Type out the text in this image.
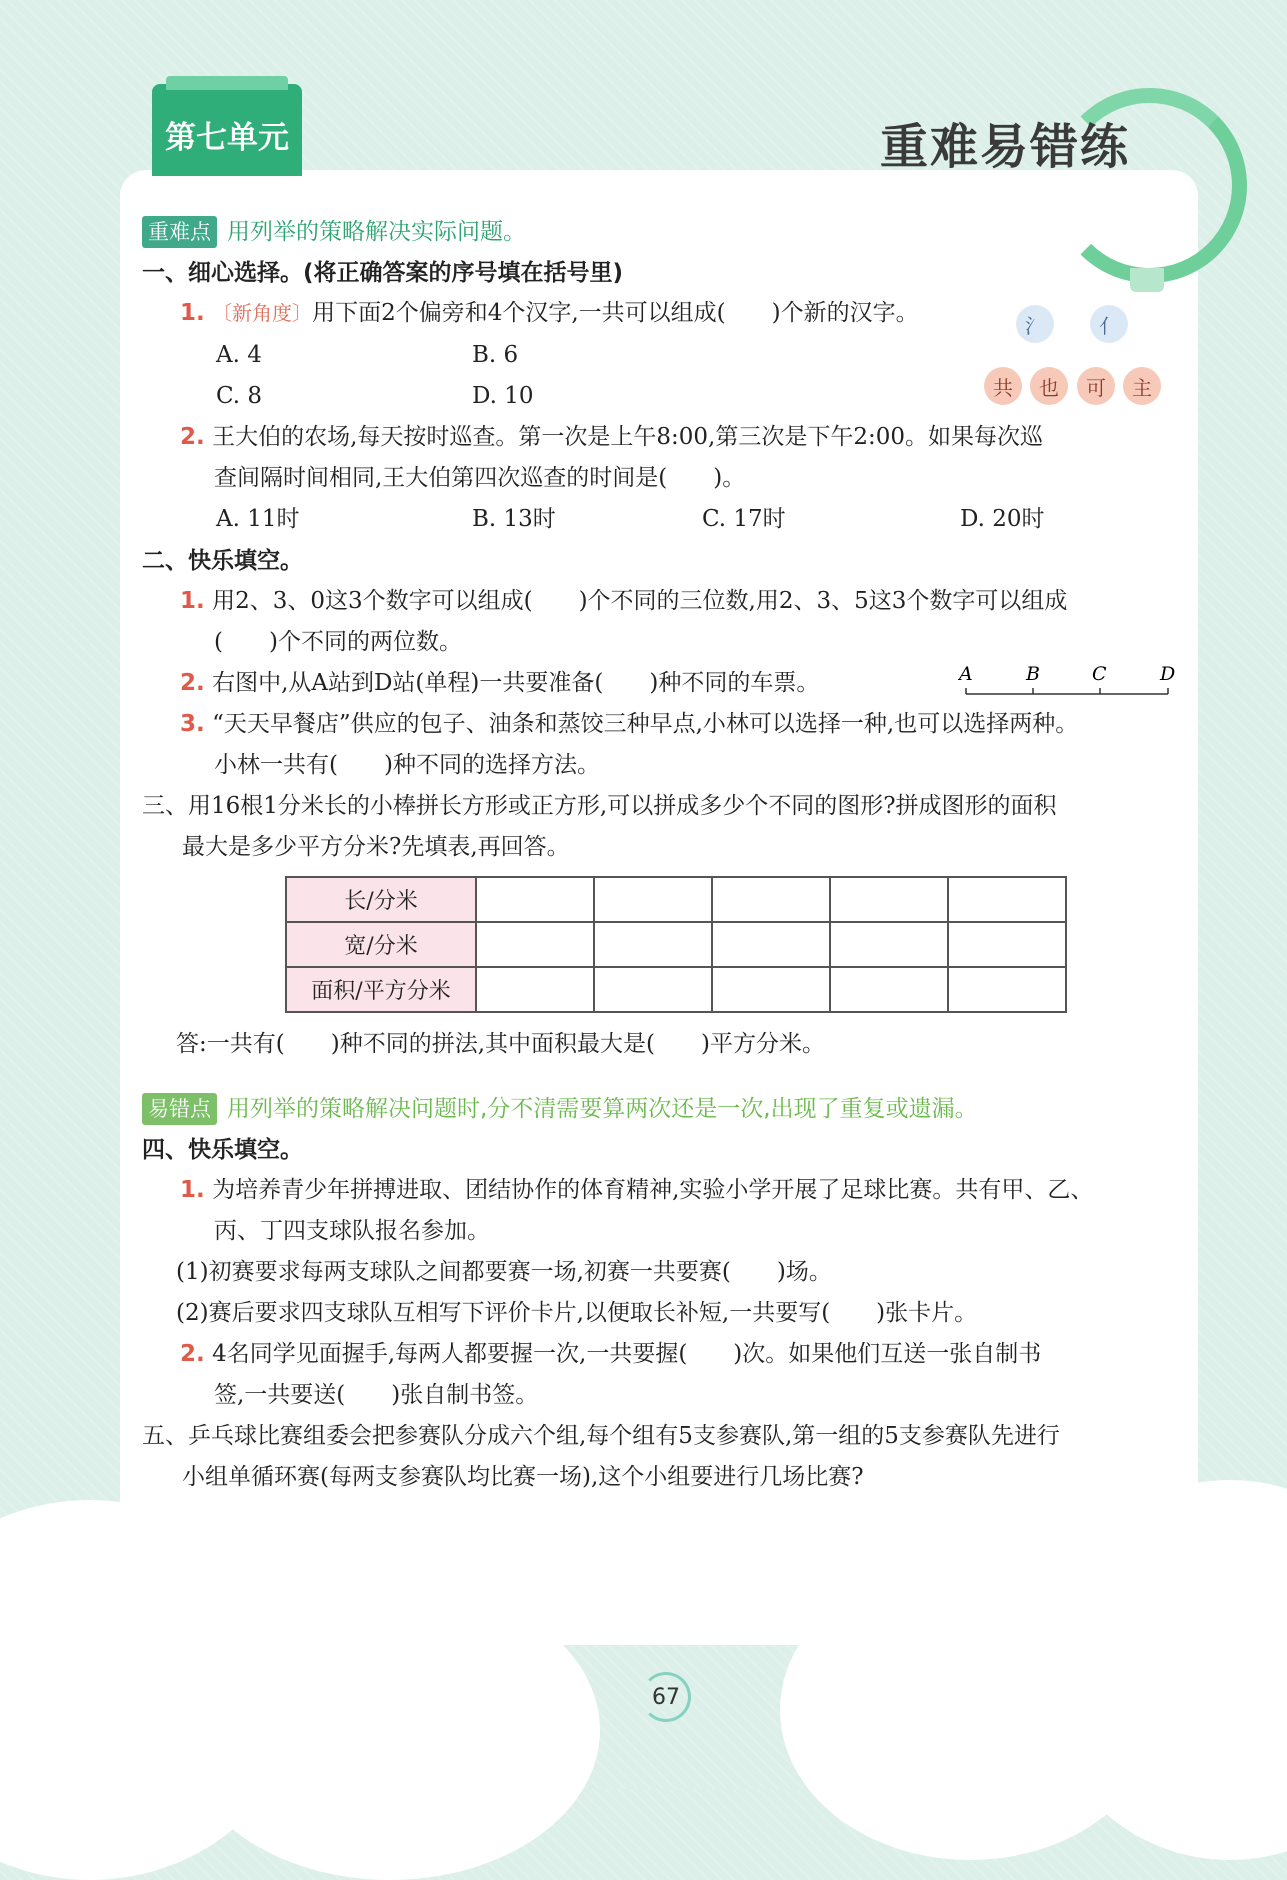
第七单元	重难易错练
重难点 用列举的策略解决实际问题。
一、细心选择。(将正确答案的序号填在括号里)
1. 〔新角度〕用下面2个偏旁和4个汉字,一共可以组成(　　)个新的汉字。	氵	亻
共	也	可	主
A. 4	B. 6
C. 8	D. 10
2. 王大伯的农场,每天按时巡查。第一次是上午8:00,第三次是下午2:00。如果每次巡
查间隔时间相同,王大伯第四次巡查的时间是(　　)。
A. 11时	B. 13时	C. 17时	D. 20时
二、快乐填空。
1. 用2、3、0这3个数字可以组成(　　)个不同的三位数,用2、3、5这3个数字可以组成
(　　)个不同的两位数。
2. 右图中,从A站到D站(单程)一共要准备(　　)种不同的车票。	A	B	C	D
3. “天天早餐店”供应的包子、油条和蒸饺三种早点,小林可以选择一种,也可以选择两种。
小林一共有(　　)种不同的选择方法。
三、用16根1分米长的小棒拼长方形或正方形,可以拼成多少个不同的图形?拼成图形的面积
最大是多少平方分米?先填表,再回答。
长/分米					
宽/分米					
面积/平方分米					
答:一共有(　　)种不同的拼法,其中面积最大是(　　)平方分米。
易错点 用列举的策略解决问题时,分不清需要算两次还是一次,出现了重复或遗漏。
四、快乐填空。
1. 为培养青少年拼搏进取、团结协作的体育精神,实验小学开展了足球比赛。共有甲、乙、
丙、丁四支球队报名参加。
(1)初赛要求每两支球队之间都要赛一场,初赛一共要赛(　　)场。
(2)赛后要求四支球队互相写下评价卡片,以便取长补短,一共要写(　　)张卡片。
2. 4名同学见面握手,每两人都要握一次,一共要握(　　)次。如果他们互送一张自制书
签,一共要送(　　)张自制书签。
五、乒乓球比赛组委会把参赛队分成六个组,每个组有5支参赛队,第一组的5支参赛队先进行
小组单循环赛(每两支参赛队均比赛一场),这个小组要进行几场比赛?
67
